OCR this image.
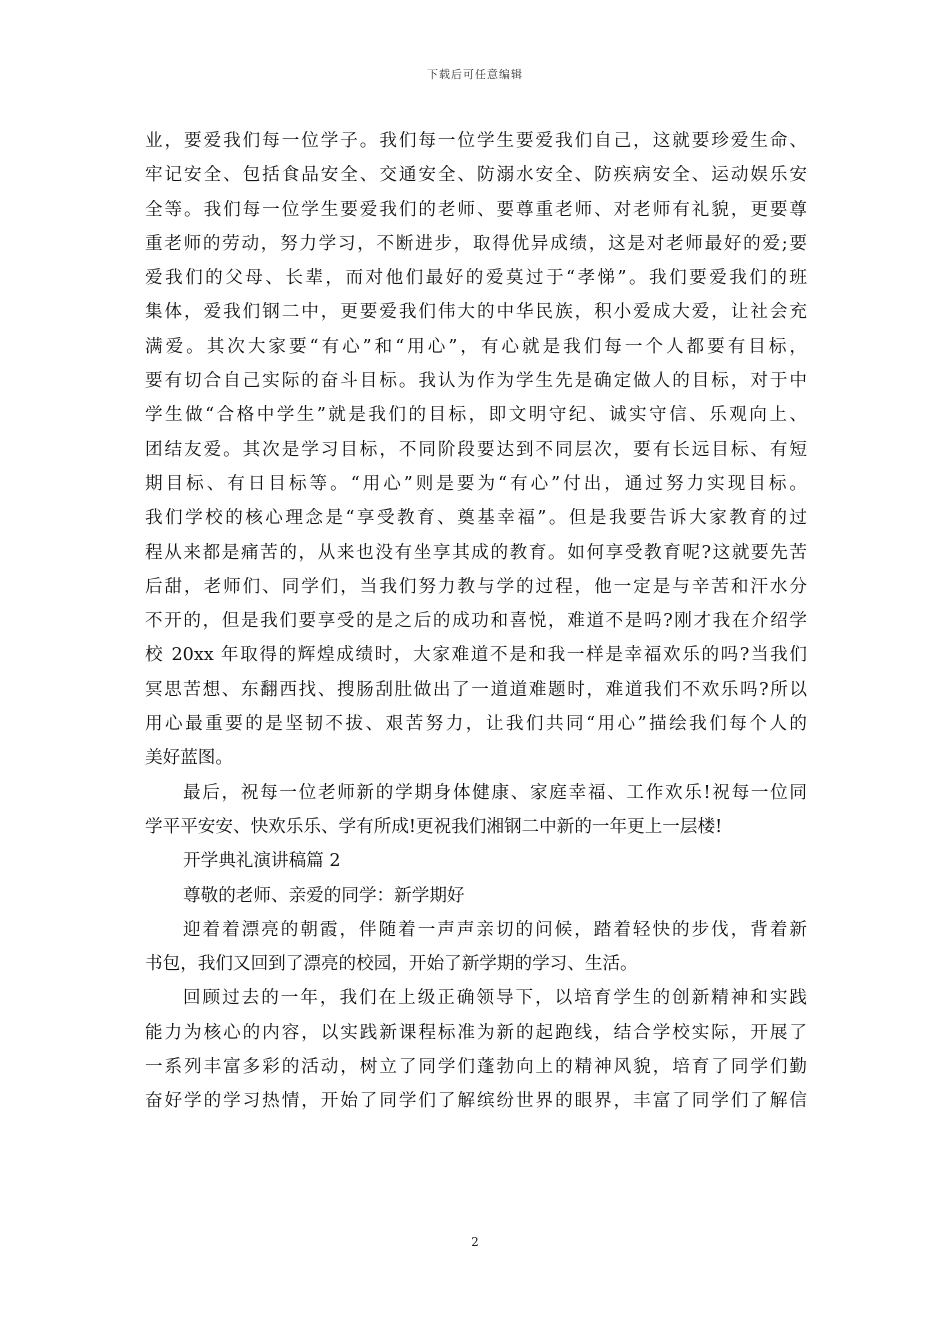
下载后可任意编辑
业，要爱我们每一位学子。我们每一位学生要爱我们自己，这就要珍爱生命、
牢记安全、包括食品安全、交通安全、防溺水安全、防疾病安全、运动娱乐安
全等。我们每一位学生要爱我们的老师、要尊重老师、对老师有礼貌，更要尊
重老师的劳动，努力学习，不断进步，取得优异成绩，这是对老师最好的爱;要
爱我们的父母、长辈，而对他们最好的爱莫过于“孝悌”。我们要爱我们的班
集体，爱我们钢二中，更要爱我们伟大的中华民族，积小爱成大爱，让社会充
满爱。其次大家要“有心”和“用心”，有心就是我们每一个人都要有目标，
要有切合自己实际的奋斗目标。我认为作为学生先是确定做人的目标，对于中
学生做“合格中学生”就是我们的目标，即文明守纪、诚实守信、乐观向上、
团结友爱。其次是学习目标，不同阶段要达到不同层次，要有长远目标、有短
期目标、有日目标等。“用心”则是要为“有心”付出，通过努力实现目标。
我们学校的核心理念是“享受教育、奠基幸福”。但是我要告诉大家教育的过
程从来都是痛苦的，从来也没有坐享其成的教育。如何享受教育呢?这就要先苦
后甜，老师们、同学们，当我们努力教与学的过程，他一定是与辛苦和汗水分
不开的，但是我们要享受的是之后的成功和喜悦，难道不是吗?刚才我在介绍学
校 20xx 年取得的辉煌成绩时，大家难道不是和我一样是幸福欢乐的吗?当我们
冥思苦想、东翻西找、搜肠刮肚做出了一道道难题时，难道我们不欢乐吗?所以
用心最重要的是坚韧不拔、艰苦努力，让我们共同“用心”描绘我们每个人的
美好蓝图。
最后，祝每一位老师新的学期身体健康、家庭幸福、工作欢乐!祝每一位同
学平平安安、快欢乐乐、学有所成!更祝我们湘钢二中新的一年更上一层楼!
开学典礼演讲稿篇 2
尊敬的老师、亲爱的同学：新学期好
迎着着漂亮的朝霞，伴随着一声声亲切的问候，踏着轻快的步伐，背着新
书包，我们又回到了漂亮的校园，开始了新学期的学习、生活。
回顾过去的一年，我们在上级正确领导下，以培育学生的创新精神和实践
能力为核心的内容，以实践新课程标准为新的起跑线，结合学校实际，开展了
一系列丰富多彩的活动，树立了同学们蓬勃向上的精神风貌，培育了同学们勤
奋好学的学习热情，开始了同学们了解缤纷世界的眼界，丰富了同学们了解信
2
